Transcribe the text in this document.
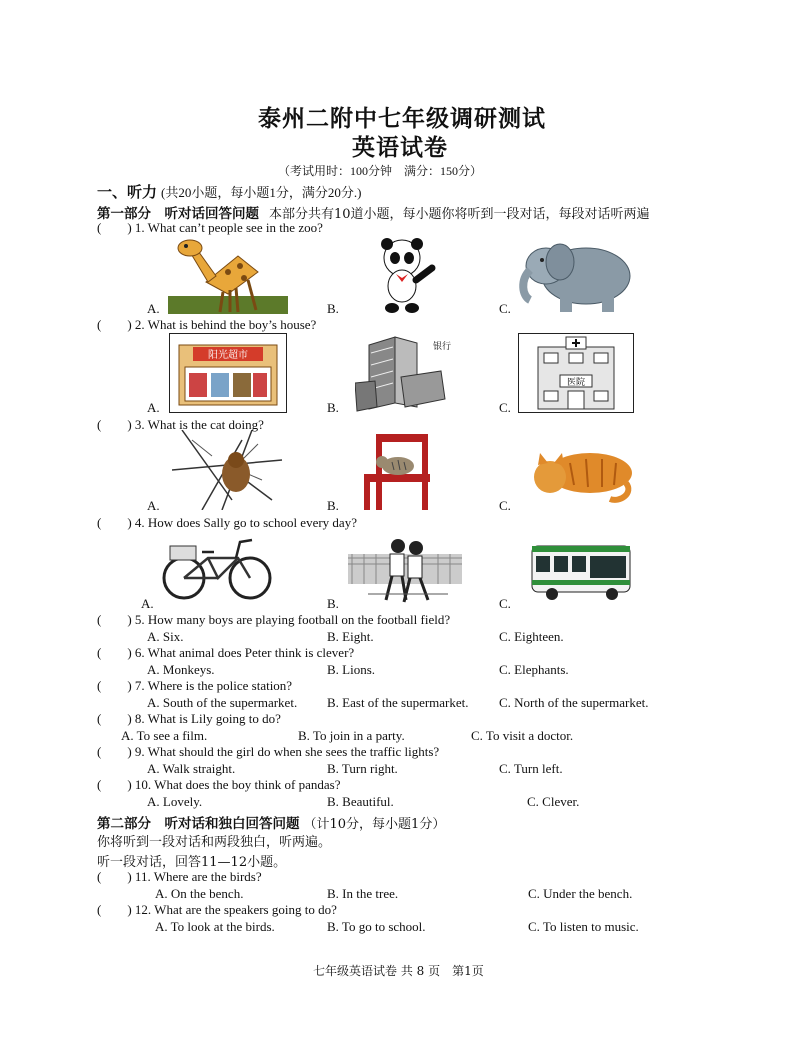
泰州二附中七年级调研测试
英语试卷
（考试用时：100分钟　满分：150分）
一、听力 (共20小题，每小题1分，满分20分.)
第一部分　听对话回答问题 本部分共有10道小题，每小题你将听到一段对话，每段对话听两遍
(　　) 1. What can’t people see in the zoo?
A.	B.	C.
(　　) 2. What is behind the boy’s house?
阳光超市
银行
医院
A.	B.	C.
(　　) 3. What is the cat doing?
A.	B.	C.
(　　) 4. How does Sally go to school every day?
A.	B.	C.
(　　) 5. How many boys are playing football on the football field?
A. Six.	B. Eight.	C. Eighteen.
(　　) 6. What animal does Peter think is clever?
A. Monkeys.	B. Lions.	C. Elephants.
(　　) 7. Where is the police station?
A. South of the supermarket. B. East of the supermarket. C. North of the supermarket.
(　　) 8. What is Lily going to do?
A. To see a film.	B. To join in a party.	C. To visit a doctor.
(　　) 9. What should the girl do when she sees the traffic lights?
A. Walk straight.	B. Turn right.	C. Turn left.
(　　) 10. What does the boy think of pandas?
A. Lovely.	B. Beautiful.	C. Clever.
第二部分　听对话和独白回答问题 （计10分，每小题1分）
你将听到一段对话和两段独白，听两遍。
听一段对话，回答11—12小题。
(　　) 11. Where are the birds?
A. On the bench.	B. In the tree.	C. Under the bench.
(　　) 12. What are the speakers going to do?
A. To look at the birds.	B. To go to school.	C. To listen to music.
七年级英语试卷 共 8 页　第1页
